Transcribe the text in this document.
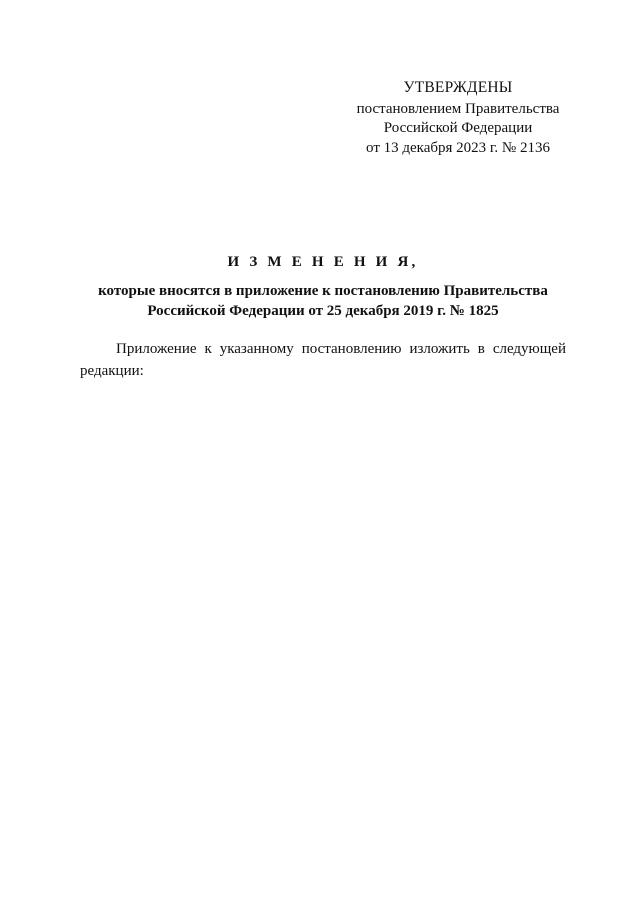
УТВЕРЖДЕНЫ
постановлением Правительства
Российской Федерации
от 13 декабря 2023 г. № 2136
И З М Е Н Е Н И Я,
которые вносятся в приложение к постановлению Правительства
Российской Федерации от 25 декабря 2019 г. № 1825

Приложение к указанному постановлению изложить в следующей редакции:
